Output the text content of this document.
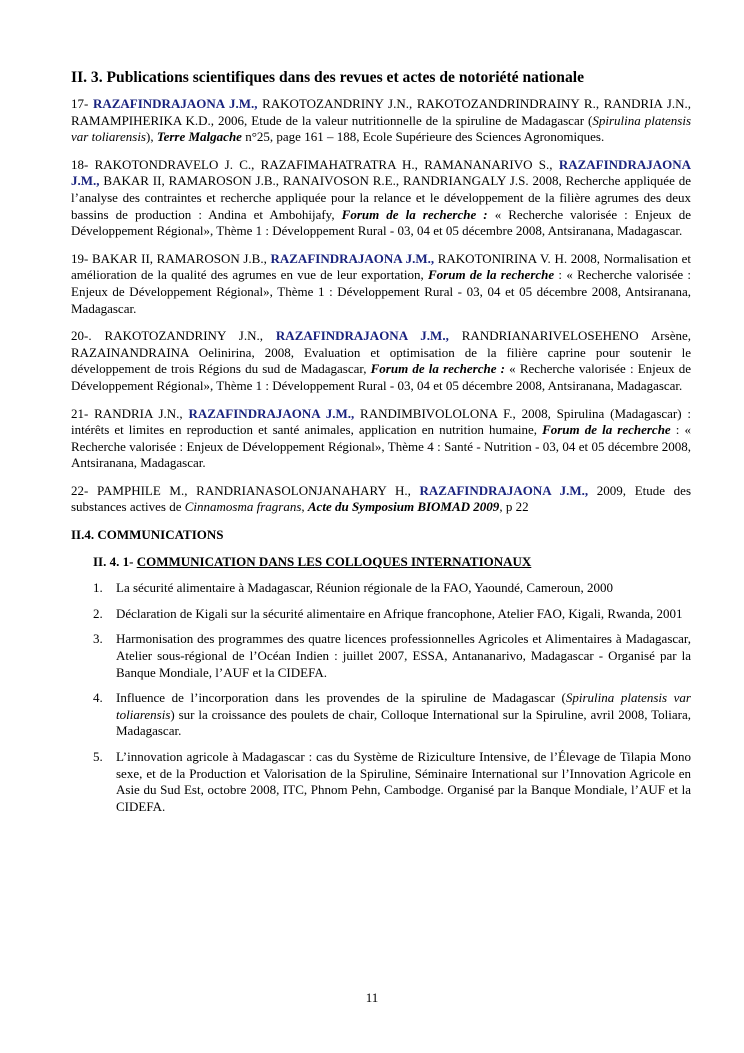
II. 3. Publications scientifiques dans des revues et actes de notoriété nationale

17- RAZAFINDRAJAONA J.M., RAKOTOZANDRINY J.N., RAKOTOZANDRINDRAINY R., RANDRIA J.N., RAMAMPIHERIKA K.D., 2006, Etude de la valeur nutritionnelle de la spiruline de Madagascar (Spirulina platensis var toliarensis), Terre Malgache n°25, page 161 – 188, Ecole Supérieure des Sciences Agronomiques.

18- RAKOTONDRAVELO J. C., RAZAFIMAHATRATRA H., RAMANANARIVO S., RAZAFINDRAJAONA J.M., BAKAR II, RAMAROSON J.B., RANAIVOSON R.E., RANDRIANGALY J.S. 2008, Recherche appliquée de l’analyse des contraintes et recherche appliquée pour la relance et le développement de la filière agrumes des deux bassins de production : Andina et Ambohijafy, Forum de la recherche : « Recherche valorisée : Enjeux de Développement Régional», Thème 1 : Développement Rural - 03, 04 et 05 décembre 2008, Antsiranana, Madagascar.

19- BAKAR II, RAMAROSON J.B., RAZAFINDRAJAONA J.M., RAKOTONIRINA V. H. 2008, Normalisation et amélioration de la qualité des agrumes en vue de leur exportation, Forum de la recherche : « Recherche valorisée : Enjeux de Développement Régional», Thème 1 : Développement Rural - 03, 04 et 05 décembre 2008, Antsiranana, Madagascar.

20-. RAKOTOZANDRINY J.N., RAZAFINDRAJAONA J.M., RANDRIANARIVELOSEHENO Arsène, RAZAINANDRAINA Oelinirina, 2008, Evaluation et optimisation de la filière caprine pour soutenir le développement de trois Régions du sud de Madagascar, Forum de la recherche : « Recherche valorisée : Enjeux de Développement Régional», Thème 1 : Développement Rural - 03, 04 et 05 décembre 2008, Antsiranana, Madagascar.

21- RANDRIA J.N., RAZAFINDRAJAONA J.M., RANDIMBIVOLOLONA F., 2008, Spirulina (Madagascar) : intérêts et limites en reproduction et santé animales, application en nutrition humaine, Forum de la recherche : « Recherche valorisée : Enjeux de Développement Régional», Thème 4 : Santé - Nutrition - 03, 04 et 05 décembre 2008, Antsiranana, Madagascar.

22- PAMPHILE M., RANDRIANASOLONJANAHARY H., RAZAFINDRAJAONA J.M., 2009, Etude des substances actives de Cinnamosma fragrans, Acte du Symposium BIOMAD 2009, p 22

II.4. COMMUNICATIONS
II. 4. 1- COMMUNICATION DANS LES COLLOQUES INTERNATIONAUX
1. La sécurité alimentaire à Madagascar, Réunion régionale de la FAO, Yaoundé, Cameroun, 2000
2. Déclaration de Kigali sur la sécurité alimentaire en Afrique francophone, Atelier FAO, Kigali, Rwanda, 2001
3. Harmonisation des programmes des quatre licences professionnelles Agricoles et Alimentaires à Madagascar, Atelier sous-régional de l’Océan Indien : juillet 2007, ESSA, Antananarivo, Madagascar - Organisé par la Banque Mondiale, l’AUF et la CIDEFA.
4. Influence de l’incorporation dans les provendes de la spiruline de Madagascar (Spirulina platensis var toliarensis) sur la croissance des poulets de chair, Colloque International sur la Spiruline, avril 2008, Toliara, Madagascar.
5. L’innovation agricole à Madagascar : cas du Système de Riziculture Intensive, de l’Élevage de Tilapia Mono sexe, et de la Production et Valorisation de la Spiruline, Séminaire International sur l’Innovation Agricole en Asie du Sud Est, octobre 2008, ITC, Phnom Pehn, Cambodge. Organisé par la Banque Mondiale, l’AUF et la CIDEFA.
11
